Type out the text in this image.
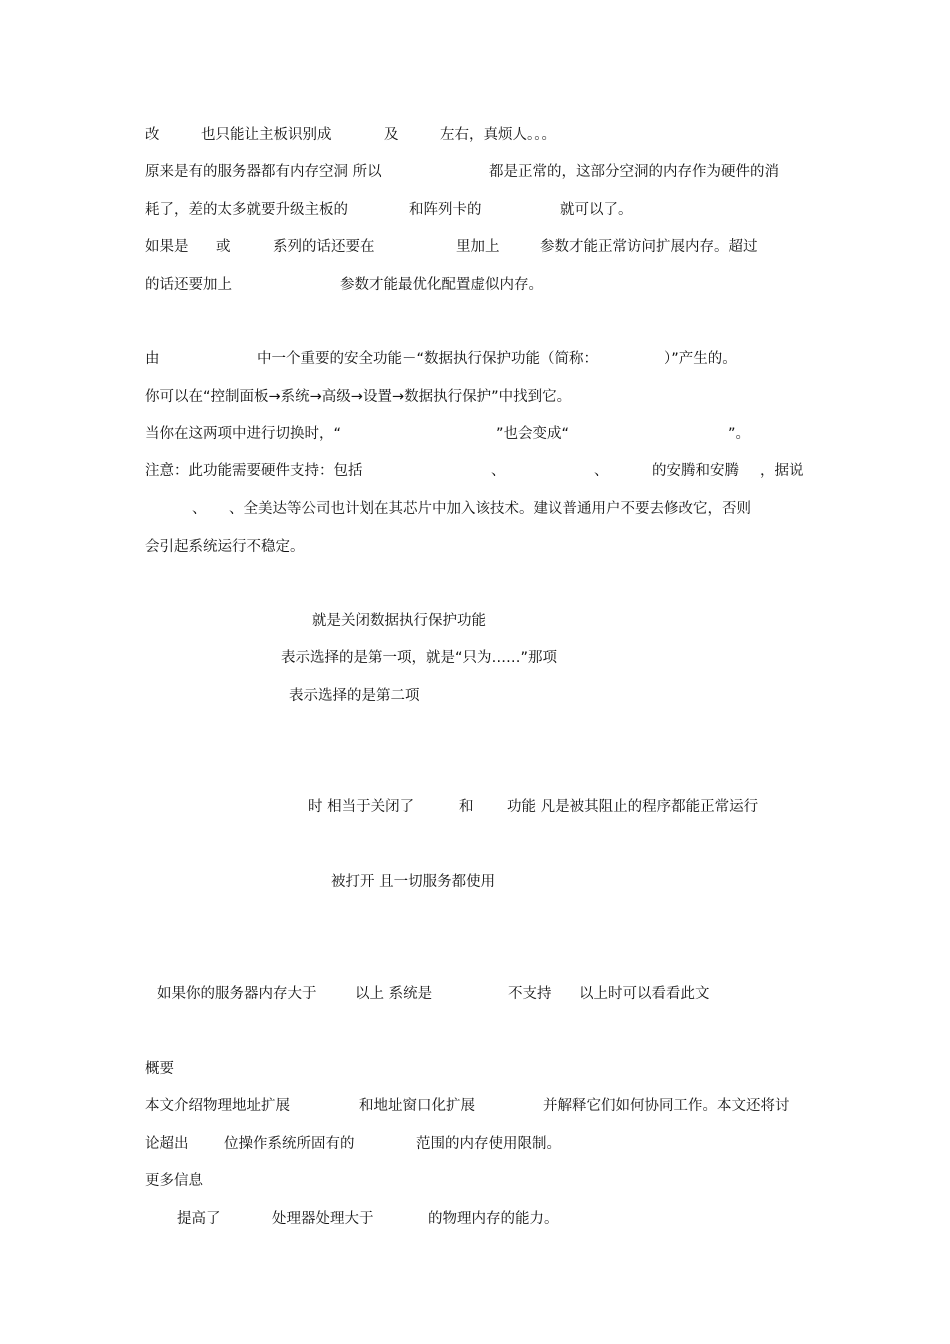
改	也只能让主板识别成	及	左右，真烦人。。。
原来是有的服务器都有内存空洞 所以	都是正常的，这部分空洞的内存作为硬件的消
耗了，差的太多就要升级主板的	和阵列卡的	就可以了。
如果是 或	系列的话还要在	里加上	参数才能正常访问扩展内存。超过
的话还要加上	参数才能最优化配置虚似内存。
由	中一个重要的安全功能－“数据执行保护功能（简称：	）”产生的。
你可以在“控制面板→系统→高级→设置→数据执行保护”中找到它。
当你在这两项中进行切换时，“	”也会变成“	”。
注意：此功能需要硬件支持：包括	、	、	的安腾和安腾 ，据说
、 、全美达等公司也计划在其芯片中加入该技术。建议普通用户不要去修改它，否则
会引起系统运行不稳定。
就是关闭数据执行保护功能
表示选择的是第一项，就是“只为……”那项
表示选择的是第二项
时 相当于关闭了	和 功能 凡是被其阻止的程序都能正常运行
被打开 且一切服务都使用
如果你的服务器内存大于	以上 系统是	不支持 以上时可以看看此文
概要
本文介绍物理地址扩展	和地址窗口化扩展	并解释它们如何协同工作。本文还将讨
论超出 位操作系统所固有的	范围的内存使用限制。
更多信息
提高了	处理器处理大于	的物理内存的能力。
